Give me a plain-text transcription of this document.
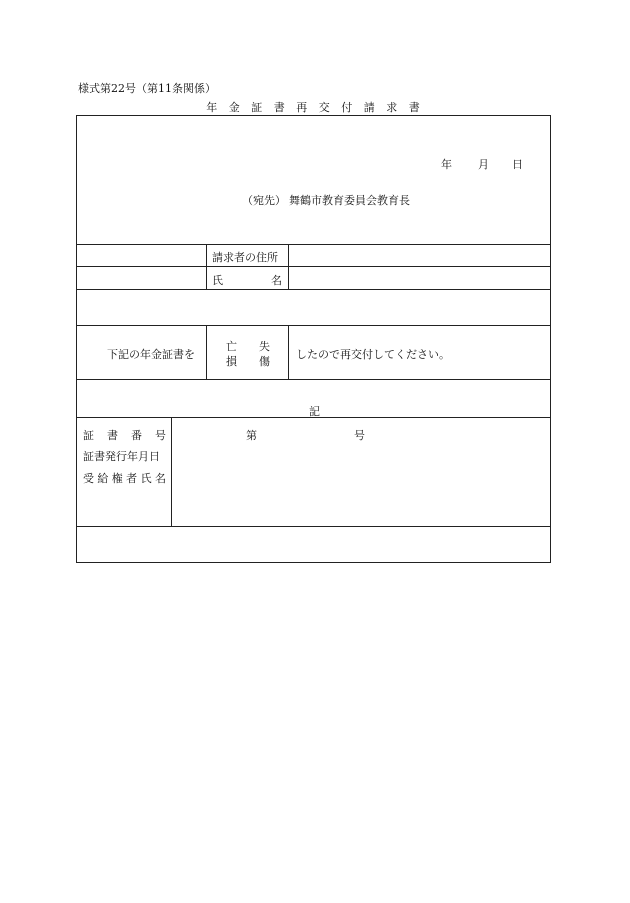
様式第22号（第11条関係）
年 金 証 書 再 交 付 請 求 書
年 月 日
（宛先） 舞鶴市教育委員会教育長
請求者の住所
氏	名
下記の年金証書を
亡 失
損 傷
したので再交付してください。
記
証 書 番 号
証書発行年月日
受 給 権 者 氏 名
第	号
